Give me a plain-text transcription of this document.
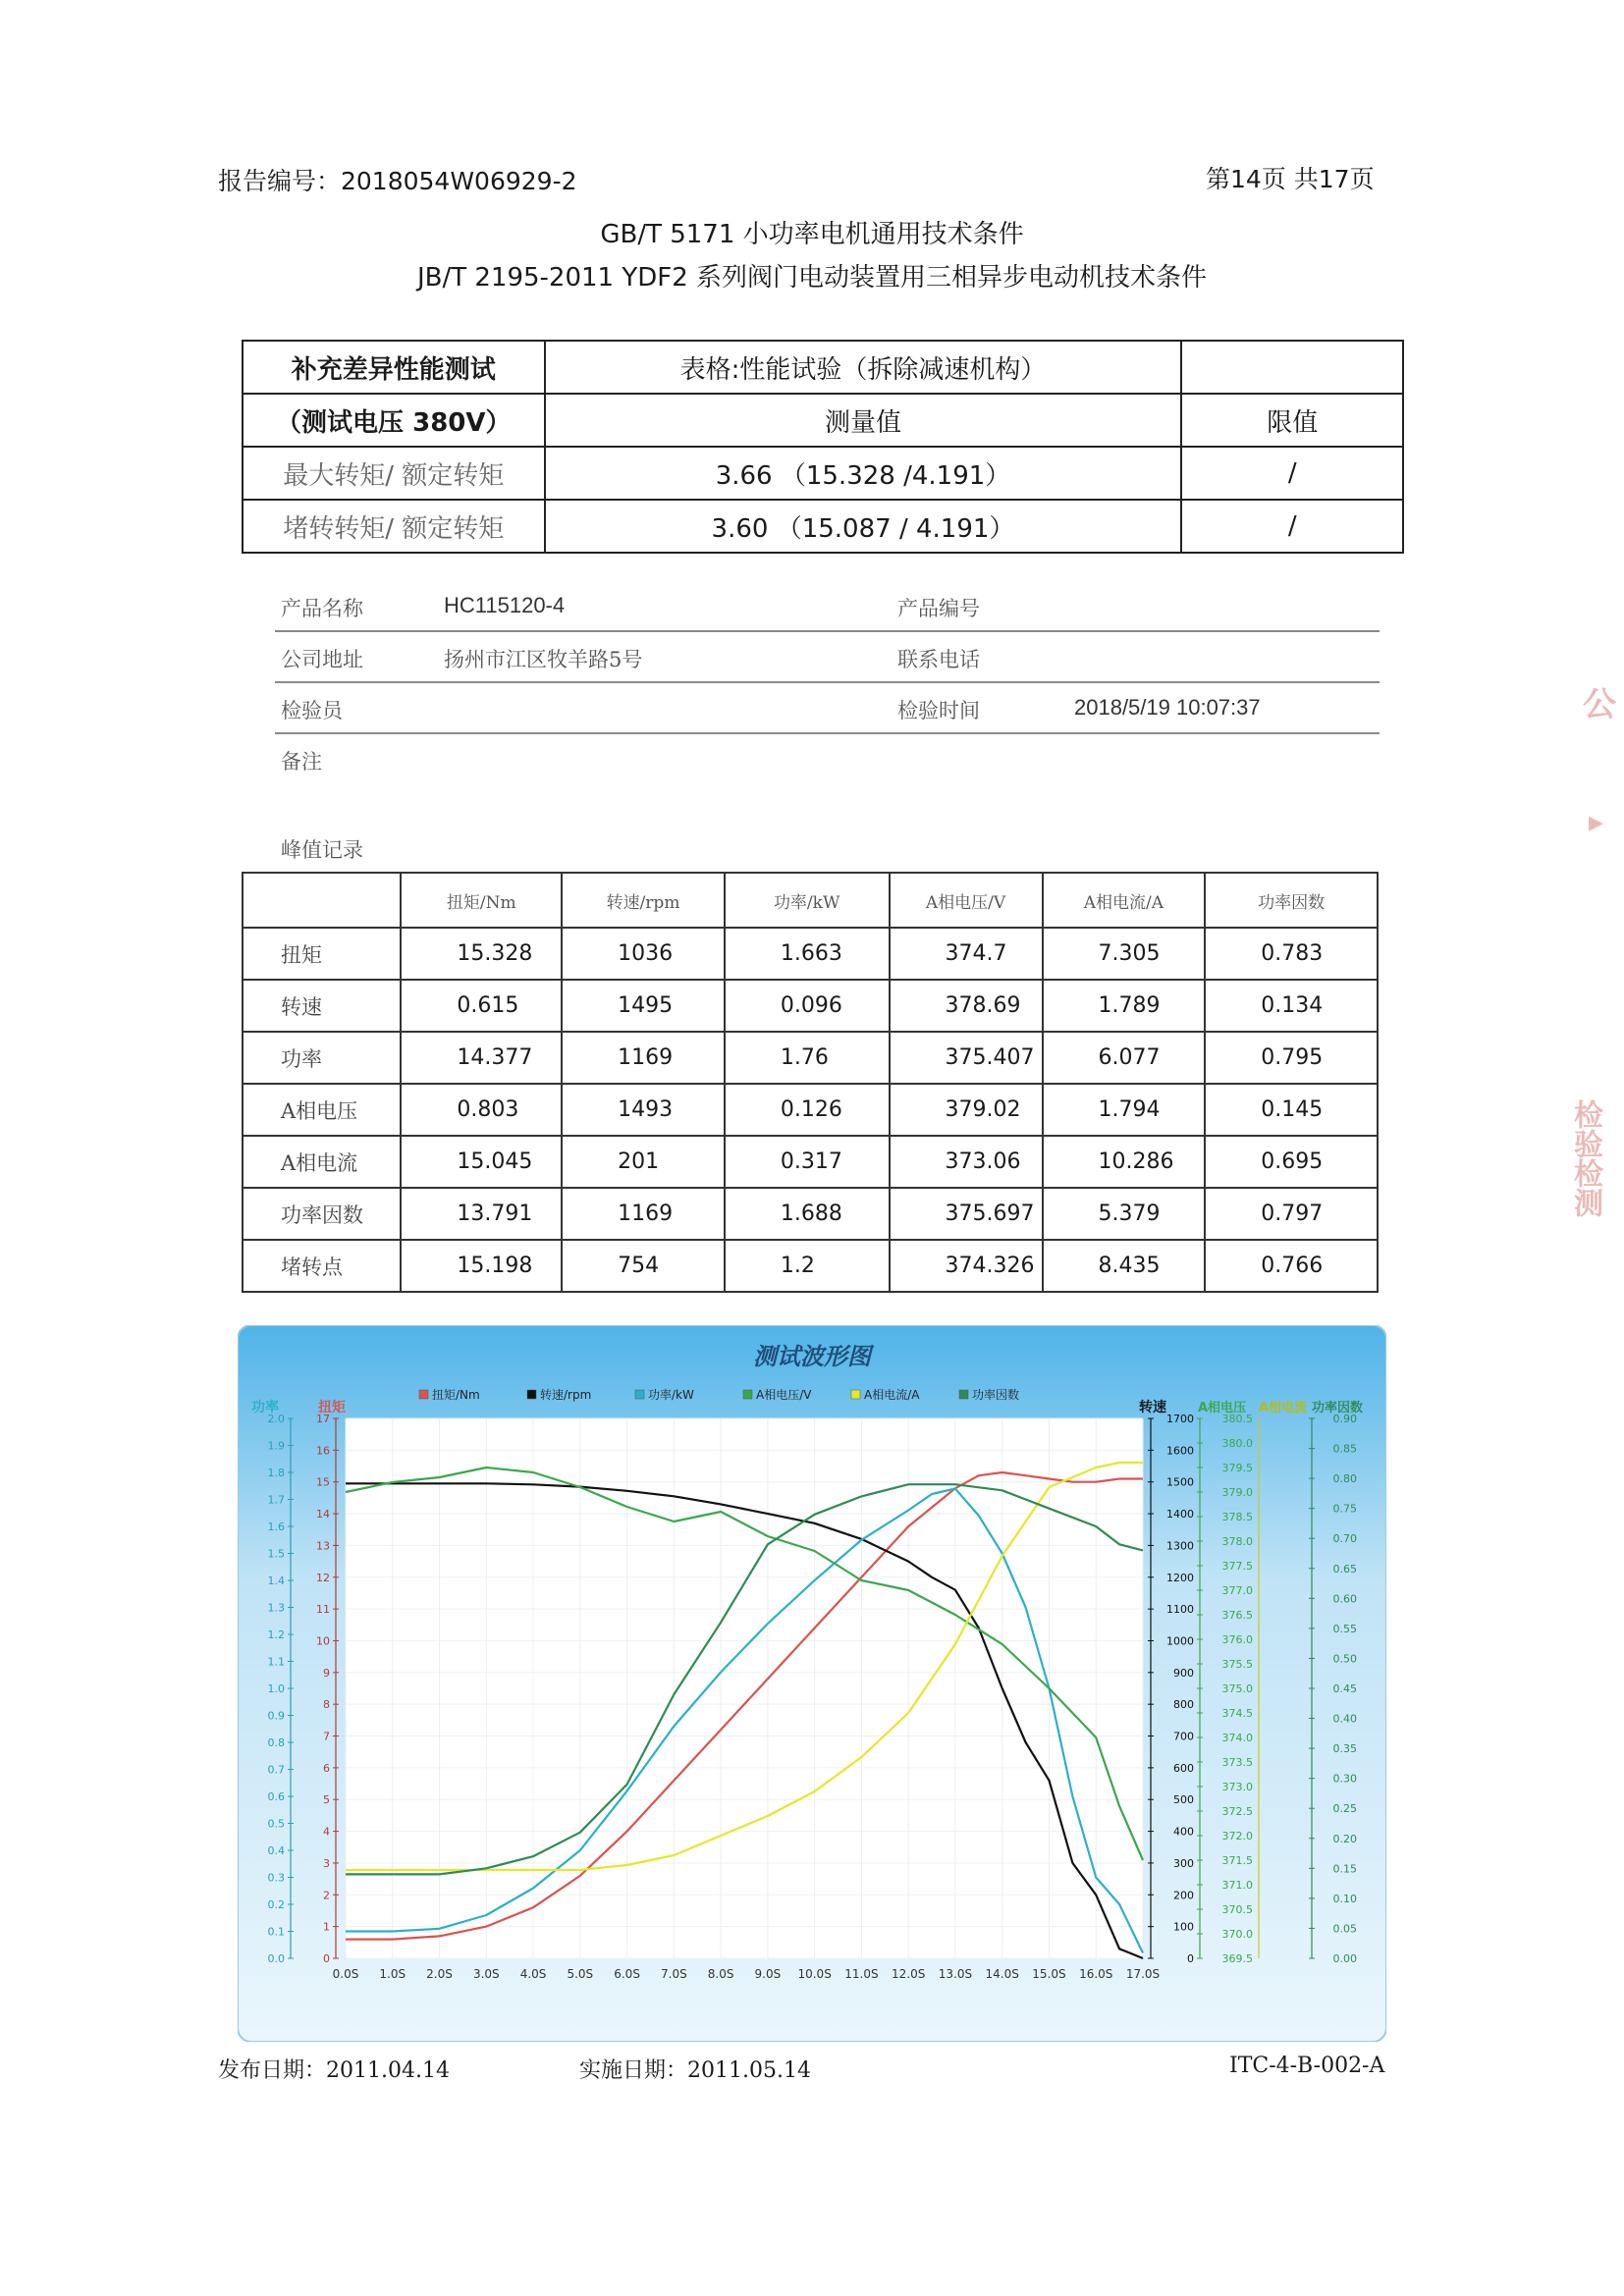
报告编号：2018054W06929-2	第14页 共17页
GB/T 5171 小功率电机通用技术条件
JB/T 2195-2011 YDF2 系列阀门电动装置用三相异步电动机技术条件
补充差异性能测试	表格:性能试验（拆除减速机构）	
（测试电压 380V）	测量值	限值
最大转矩/ 额定转矩	3.66 （15.328 /4.191）	/
堵转转矩/ 额定转矩	3.60 （15.087 / 4.191）	/
产品名称	HC115120-4	产品编号
公司地址	扬州市江区牧羊路5号	联系电话
检验员	检验时间	2018/5/19 10:07:37
备注
峰值记录
	扭矩/Nm	转速/rpm	功率/kW	A相电压/V	A相电流/A	功率因数
扭矩	15.328	1036	1.663	374.7	7.305	0.783
转速	0.615	1495	0.096	378.69	1.789	0.134
功率	14.377	1169	1.76	375.407	6.077	0.795
A相电压	0.803	1493	0.126	379.02	1.794	0.145
A相电流	15.045	201	0.317	373.06	10.286	0.695
功率因数	13.791	1169	1.688	375.697	5.379	0.797
堵转点	15.198	754	1.2	374.326	8.435	0.766
测试波形图
扭矩/Nm	转速/rpm	功率/kW	A相电压/V	A相电流/A	功率因数
0
1
2
3
4
5
6
7
8
9
10
11
12
13
14
15
16
17
0.0
0.1
0.2
0.3
0.4
0.5
0.6
0.7
0.8
0.9
1.0
1.1
1.2
1.3
1.4
1.5
1.6
1.7
1.8
1.9
2.0
0
100
200
300
400
500
600
700
800
900
1000
1100
1200
1300
1400
1500
1600
1700
369.5
370.0
370.5
371.0
371.5
372.0
372.5
373.0
373.5
374.0
374.5
375.0
375.5
376.0
376.5
377.0
377.5
378.0
378.5
379.0
379.5
380.0
380.5
0.00
0.05
0.10
0.15
0.20
0.25
0.30
0.35
0.40
0.45
0.50
0.55
0.60
0.65
0.70
0.75
0.80
0.85
0.90
0.0S 1.0S 2.0S 3.0S 4.0S 5.0S 6.0S 7.0S 8.0S 9.0S 10.0S 11.0S 12.0S 13.0S 14.0S 15.0S 16.0S 17.0S
功率	扭矩	转速 A相电压 A相电流 功率因数
公
▸
检验检测
发布日期：2011.04.14	实施日期：2011.05.14	ITC-4-B-002-A
